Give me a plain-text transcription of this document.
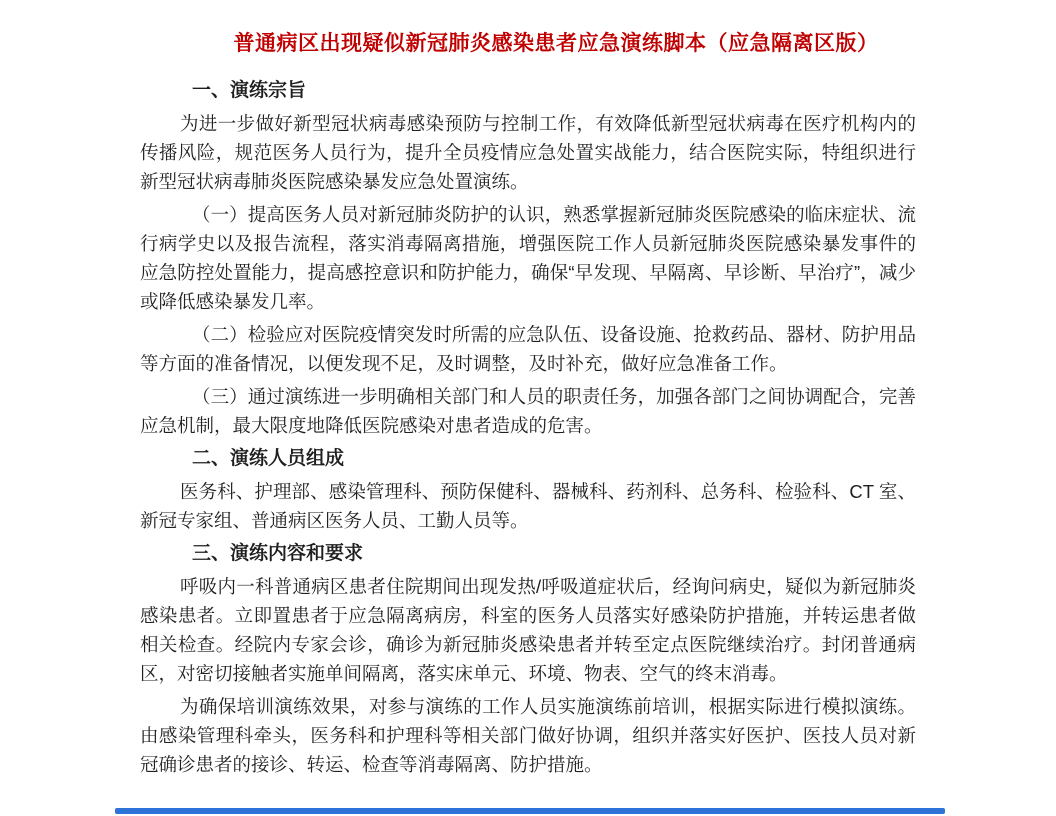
普通病区出现疑似新冠肺炎感染患者应急演练脚本（应急隔离区版）
一、演练宗旨

为进一步做好新型冠状病毒感染预防与控制工作，有效降低新型冠状病毒在医疗机构内的传播风险，规范医务人员行为，提升全员疫情应急处置实战能力，结合医院实际，特组织进行新型冠状病毒肺炎医院感染暴发应急处置演练。

（一）提高医务人员对新冠肺炎防护的认识，熟悉掌握新冠肺炎医院感染的临床症状、流行病学史以及报告流程，落实消毒隔离措施，增强医院工作人员新冠肺炎医院感染暴发事件的应急防控处置能力，提高感控意识和防护能力，确保“早发现、早隔离、早诊断、早治疗”，减少或降低感染暴发几率。

（二）检验应对医院疫情突发时所需的应急队伍、设备设施、抢救药品、器材、防护用品等方面的准备情况，以便发现不足，及时调整，及时补充，做好应急准备工作。

（三）通过演练进一步明确相关部门和人员的职责任务，加强各部门之间协调配合，完善应急机制，最大限度地降低医院感染对患者造成的危害。

二、演练人员组成

医务科、护理部、感染管理科、预防保健科、器械科、药剂科、总务科、检验科、CT 室、新冠专家组、普通病区医务人员、工勤人员等。

三、演练内容和要求

呼吸内一科普通病区患者住院期间出现发热/呼吸道症状后，经询问病史，疑似为新冠肺炎感染患者。立即置患者于应急隔离病房，科室的医务人员落实好感染防护措施，并转运患者做相关检查。经院内专家会诊，确诊为新冠肺炎感染患者并转至定点医院继续治疗。封闭普通病区，对密切接触者实施单间隔离，落实床单元、环境、物表、空气的终末消毒。

为确保培训演练效果，对参与演练的工作人员实施演练前培训，根据实际进行模拟演练。由感染管理科牵头，医务科和护理科等相关部门做好协调，组织并落实好医护、医技人员对新冠确诊患者的接诊、转运、检查等消毒隔离、防护措施。
